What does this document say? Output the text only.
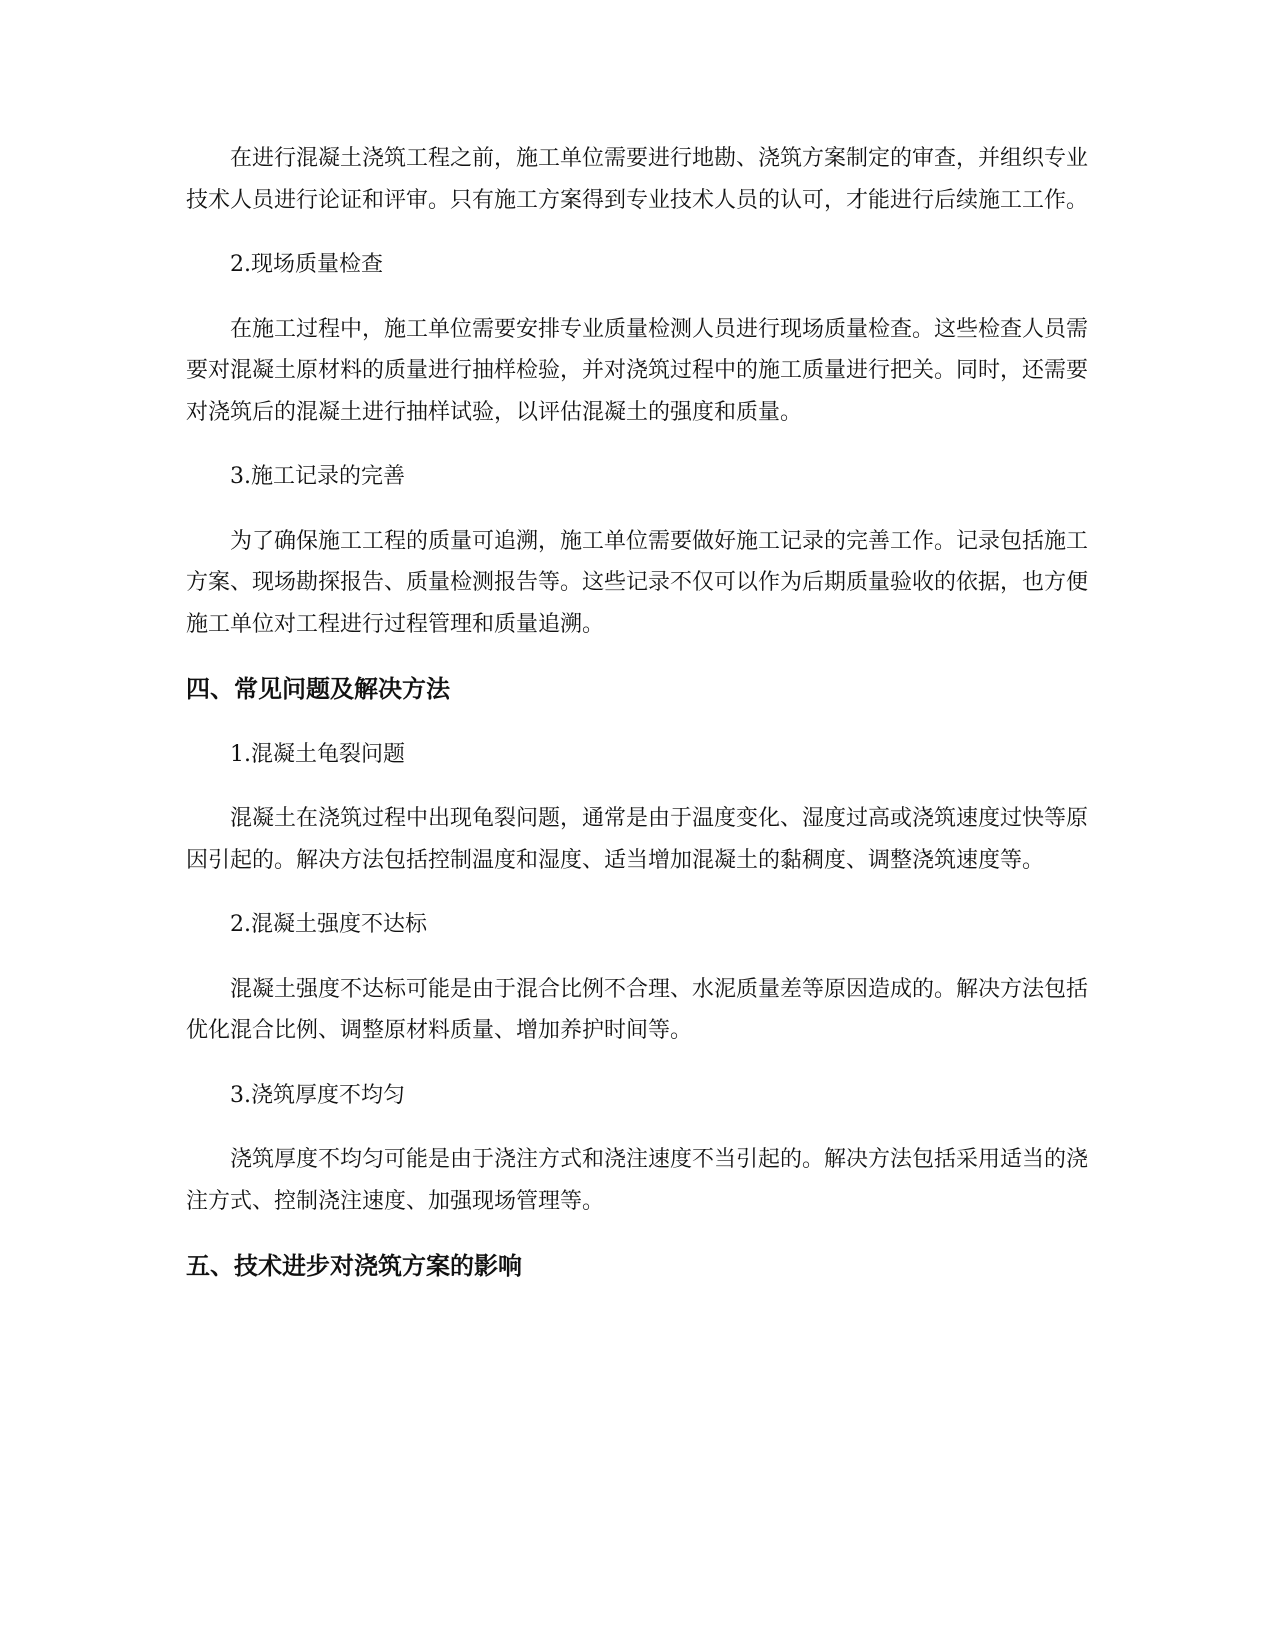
在进行混凝土浇筑工程之前，施工单位需要进行地勘、浇筑方案制定的审查，并组织专业技术人员进行论证和评审。只有施工方案得到专业技术人员的认可，才能进行后续施工工作。

2.现场质量检查

在施工过程中，施工单位需要安排专业质量检测人员进行现场质量检查。这些检查人员需要对混凝土原材料的质量进行抽样检验，并对浇筑过程中的施工质量进行把关。同时，还需要对浇筑后的混凝土进行抽样试验，以评估混凝土的强度和质量。

3.施工记录的完善

为了确保施工工程的质量可追溯，施工单位需要做好施工记录的完善工作。记录包括施工方案、现场勘探报告、质量检测报告等。这些记录不仅可以作为后期质量验收的依据，也方便施工单位对工程进行过程管理和质量追溯。

四、常见问题及解决方法

1.混凝土龟裂问题

混凝土在浇筑过程中出现龟裂问题，通常是由于温度变化、湿度过高或浇筑速度过快等原因引起的。解决方法包括控制温度和湿度、适当增加混凝土的黏稠度、调整浇筑速度等。

2.混凝土强度不达标

混凝土强度不达标可能是由于混合比例不合理、水泥质量差等原因造成的。解决方法包括优化混合比例、调整原材料质量、增加养护时间等。

3.浇筑厚度不均匀

浇筑厚度不均匀可能是由于浇注方式和浇注速度不当引起的。解决方法包括采用适当的浇注方式、控制浇注速度、加强现场管理等。

五、技术进步对浇筑方案的影响
